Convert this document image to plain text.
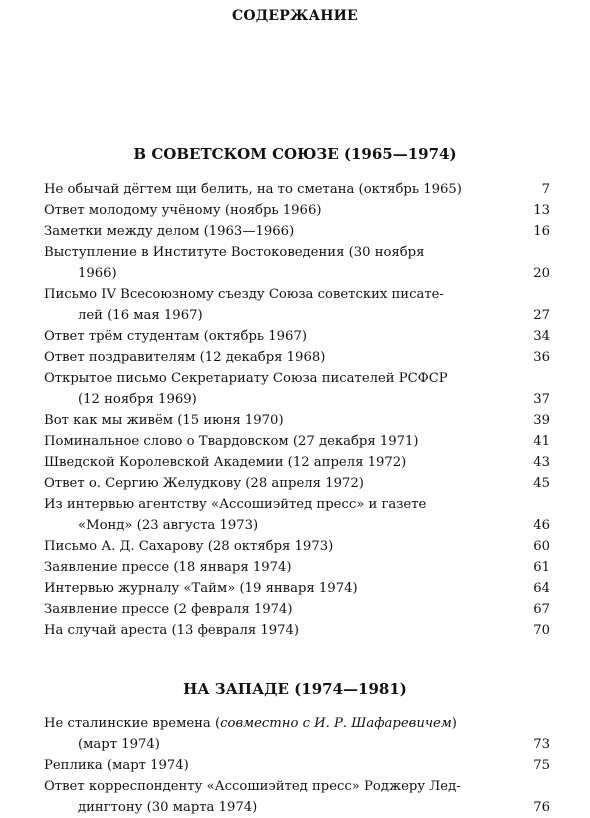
СОДЕРЖАНИЕ
В СОВЕТСКОМ СОЮЗЕ (1965—1974)
Не обычай дёгтем щи белить, на то сметана (октябрь 1965)	7
Ответ молодому учёному (ноябрь 1966)	13
Заметки между делом (1963—1966)	16
Выступление в Институте Востоковедения (30 ноября
1966)	20
Письмо IV Всесоюзному съезду Союза советских писате-
лей (16 мая 1967)	27
Ответ трём студентам (октябрь 1967)	34
Ответ поздравителям (12 декабря 1968)	36
Открытое письмо Секретариату Союза писателей РСФСР
(12 ноября 1969)	37
Вот как мы живём (15 июня 1970)	39
Поминальное слово о Твардовском (27 декабря 1971)	41
Шведской Королевской Академии (12 апреля 1972)	43
Ответ о. Сергию Желудкову (28 апреля 1972)	45
Из интервью агентству «Ассошиэйтед пресс» и газете
«Монд» (23 августа 1973)	46
Письмо А. Д. Сахарову (28 октября 1973)	60
Заявление прессе (18 января 1974)	61
Интервью журналу «Тайм» (19 января 1974)	64
Заявление прессе (2 февраля 1974)	67
На случай ареста (13 февраля 1974)	70
НА ЗАПАДЕ (1974—1981)
Не сталинские времена (совместно с И. Р. Шафаревичем)
(март 1974)	73
Реплика (март 1974)	75
Ответ корреспонденту «Ассошиэйтед пресс» Роджеру Лед-
дингтону (30 марта 1974)	76
